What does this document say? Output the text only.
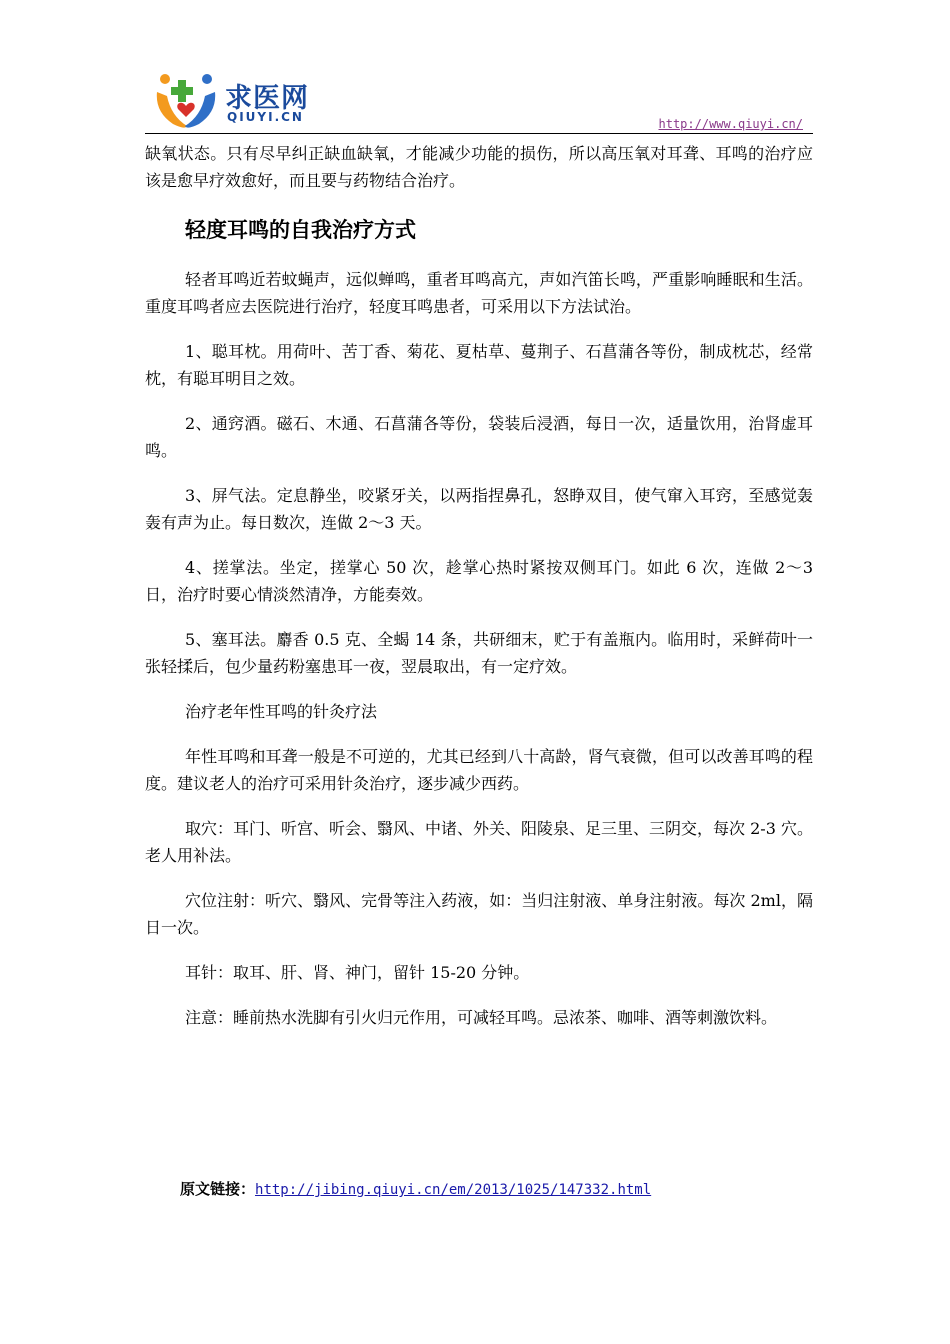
求医网
QIUYI.CN	http://www.qiuyi.cn/

缺氧状态。只有尽早纠正缺血缺氧，才能减少功能的损伤，所以高压氧对耳聋、耳鸣的治疗应该是愈早疗效愈好，而且要与药物结合治疗。

轻度耳鸣的自我治疗方式

轻者耳鸣近若蚊蝇声，远似蝉鸣，重者耳鸣高亢，声如汽笛长鸣，严重影响睡眠和生活。重度耳鸣者应去医院进行治疗，轻度耳鸣患者，可采用以下方法试治。

1、聪耳枕。用荷叶、苦丁香、菊花、夏枯草、蔓荆子、石菖蒲各等份，制成枕芯，经常枕，有聪耳明目之效。

2、通窍酒。磁石、木通、石菖蒲各等份，袋装后浸酒，每日一次，适量饮用，治肾虚耳鸣。

3、屏气法。定息静坐，咬紧牙关，以两指捏鼻孔，怒睁双目，使气窜入耳窍，至感觉轰轰有声为止。每日数次，连做 2～3 天。

4、搓掌法。坐定，搓掌心 50 次，趁掌心热时紧按双侧耳门。如此 6 次，连做 2～3 日，治疗时要心情淡然清净，方能奏效。

5、塞耳法。麝香 0.5 克、全蝎 14 条，共研细末，贮于有盖瓶内。临用时，采鲜荷叶一张轻揉后，包少量药粉塞患耳一夜，翌晨取出，有一定疗效。

治疗老年性耳鸣的针灸疗法

年性耳鸣和耳聋一般是不可逆的，尤其已经到八十高龄，肾气衰微，但可以改善耳鸣的程度。建议老人的治疗可采用针灸治疗，逐步减少西药。

取穴：耳门、听宫、听会、翳风、中诸、外关、阳陵泉、足三里、三阴交，每次 2-3 穴。老人用补法。

穴位注射：听穴、翳风、完骨等注入药液，如：当归注射液、单身注射液。每次 2ml，隔日一次。

耳针：取耳、肝、肾、神门，留针 15-20 分钟。

注意：睡前热水洗脚有引火归元作用，可减轻耳鸣。忌浓茶、咖啡、酒等刺激饮料。

原文链接：http://jibing.qiuyi.cn/em/2013/1025/147332.html
